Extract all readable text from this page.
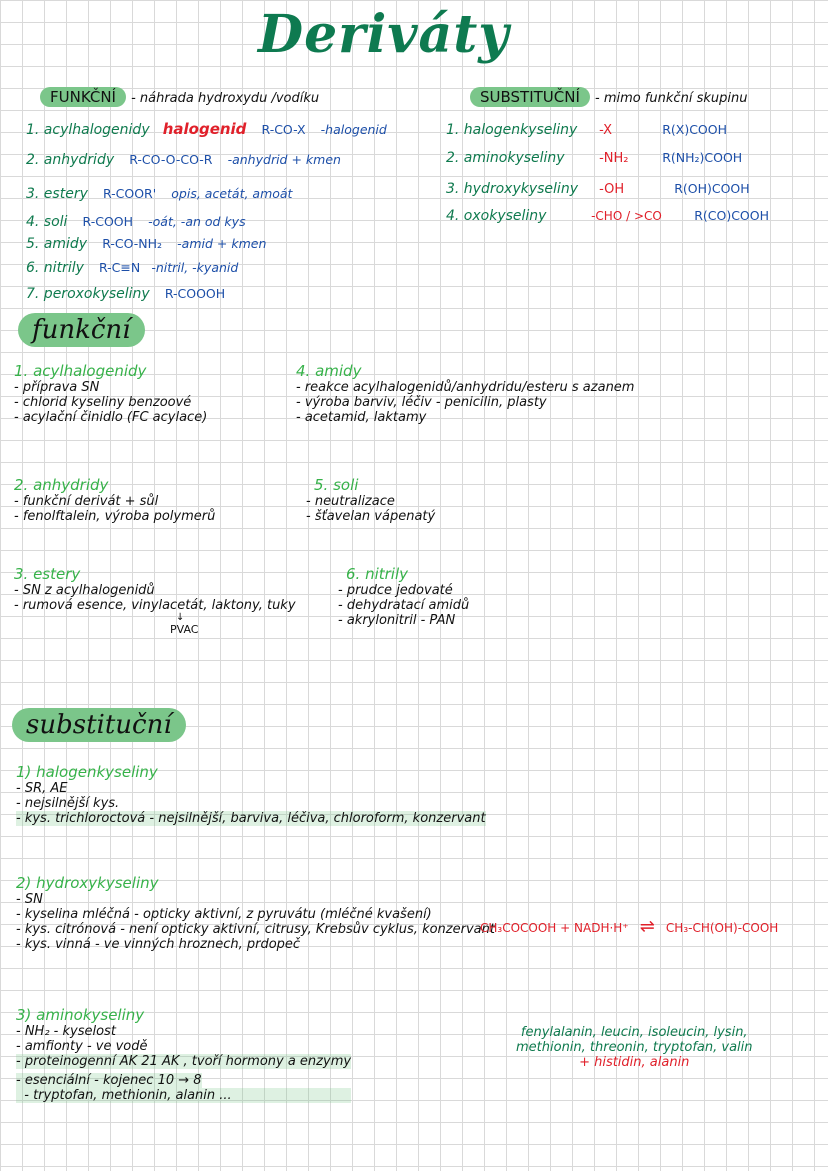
Deriváty
FUNKČNÍ - náhrada hydroxydu /vodíku
1. acylhalogenidy halogenid R-CO-X -halogenid
2. anhydridy R-CO-O-CO-R -anhydrid + kmen
3. estery R-COOR' opis, acetát, amoát
4. soli R-COOH -oát, -an od kys
5. amidy R-CO-NH₂ -amid + kmen
6. nitrily R-C≡N -nitril, -kyanid
7. peroxokyseliny R-COOOH
SUBSTITUČNÍ - mimo funkční skupinu
1. halogenkyseliny -X	R(X)COOH
2. aminokyseliny	-NH₂	R(NH₂)COOH
3. hydroxykyseliny -OH	R(OH)COOH
4. oxokyseliny	-CHO / >CO	R(CO)COOH
funkční
1. acylhalogenidy
- příprava SN
- chlorid kyseliny benzoové
- acylační činidlo (FC acylace)
4. amidy
- reakce acylhalogenidů/anhydridu/esteru s azanem
- výroba barviv, léčiv - penicilin, plasty
- acetamid, laktamy
2. anhydridy
- funkční derivát + sůl
- fenolftalein, výroba polymerů
5. soli
- neutralizace
- šťavelan vápenatý
3. estery
- SN z acylhalogenidů
- rumová esence, vinylacetát, laktony, tuky
↓
PVAC
6. nitrily
- prudce jedovaté
- dehydratací amidů
- akrylonitril - PAN
substituční
1) halogenkyseliny
- SR, AE
- nejsilnější kys.
- kys. trichloroctová - nejsilnější, barviva, léčiva, chloroform, konzervant
2) hydroxykyseliny
- SN
- kyselina mléčná - opticky aktivní, z pyruvátu (mléčné kvašení)
- kys. citrónová - není opticky aktivní, citrusy, Krebsův cyklus, konzervant
- kys. vinná - ve vinných hroznech, prdopeč
CH₃COCOOH + NADH·H⁺ ⇌ CH₃-CH(OH)-COOH
3) aminokyseliny
- NH₂ - kyselost
- amfionty - ve vodě
- proteinogenní AK 21 AK , tvoří hormony a enzymy
- esenciální - kojenec 10 → 8
- tryptofan, methionin, alanin ...
fenylalanin, leucin, isoleucin, lysin,
methionin, threonin, tryptofan, valin
+ histidin, alanin
